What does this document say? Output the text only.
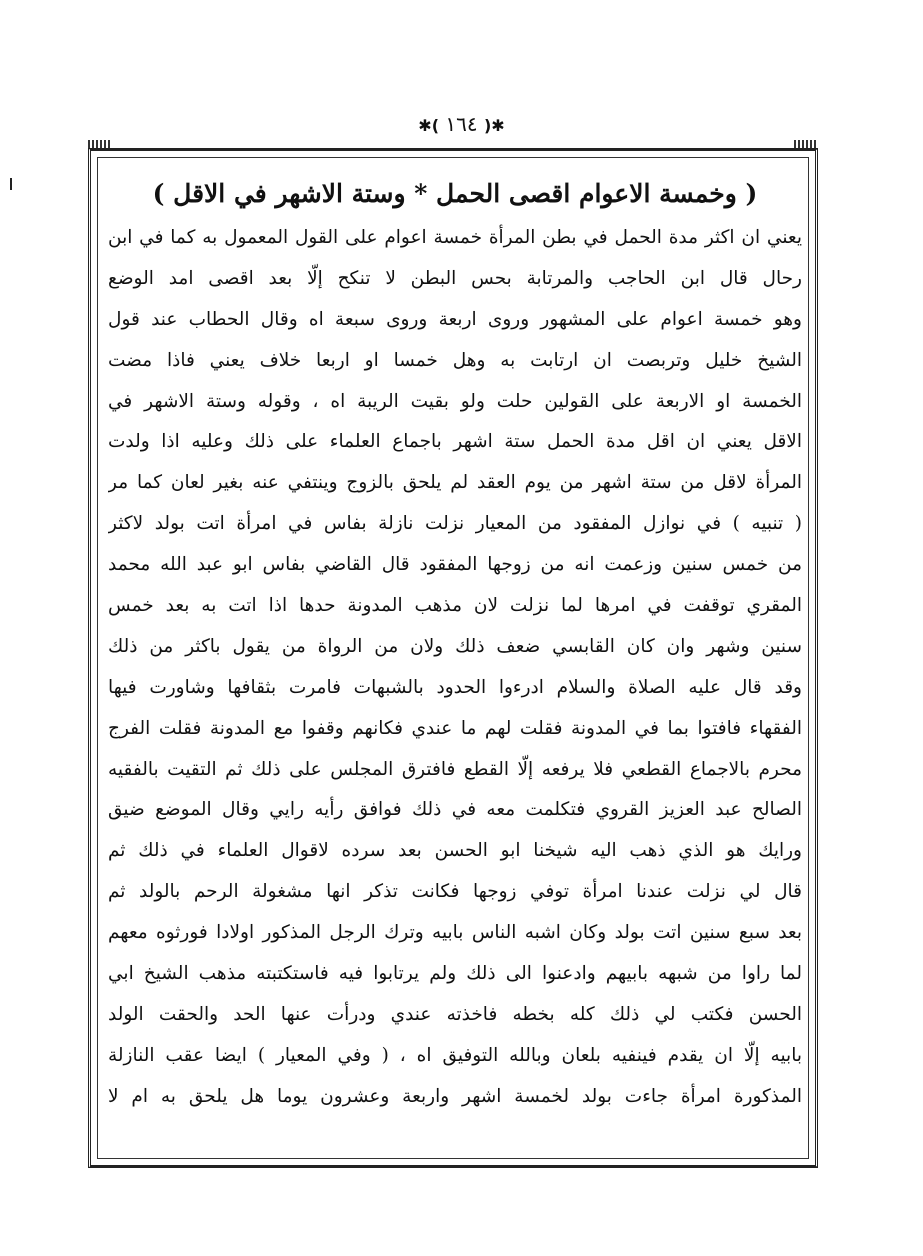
✱( ١٦٤ )✱
( وخمسة الاعوام اقصى الحمل * وستة الاشهر في الاقل )
يعني ان اكثر مدة الحمل في بطن المرأة خمسة اعوام على القول المعمول به كما في ابن
رحال قال ابن الحاجب والمرتابة بحس البطن لا تنكح إلّا بعد اقصى امد الوضع
وهو خمسة اعوام على المشهور وروى اربعة وروى سبعة اه وقال الحطاب عند قول
الشيخ خليل وتربصت ان ارتابت به وهل خمسا او اربعا خلاف يعني فاذا مضت
الخمسة او الاربعة على القولين حلت ولو بقيت الريبة اه ، وقوله وستة الاشهر في
الاقل يعني ان اقل مدة الحمل ستة اشهر باجماع العلماء على ذلك وعليه اذا ولدت
المرأة لاقل من ستة اشهر من يوم العقد لم يلحق بالزوج وينتفي عنه بغير لعان كما مر
( تنبيه ) في نوازل المفقود من المعيار نزلت نازلة بفاس في امرأة اتت بولد لاكثر
من خمس سنين وزعمت انه من زوجها المفقود قال القاضي بفاس ابو عبد الله محمد
المقري توقفت في امرها لما نزلت لان مذهب المدونة حدها اذا اتت به بعد خمس
سنين وشهر وان كان القابسي ضعف ذلك ولان من الرواة من يقول باكثر من ذلك
وقد قال عليه الصلاة والسلام ادرءوا الحدود بالشبهات فامرت بثقافها وشاورت فيها
الفقهاء فافتوا بما في المدونة فقلت لهم ما عندي فكانهم وقفوا مع المدونة فقلت الفرج
محرم بالاجماع القطعي فلا يرفعه إلّا القطع فافترق المجلس على ذلك ثم التقيت بالفقيه
الصالح عبد العزيز القروي فتكلمت معه في ذلك فوافق رأيه رايي وقال الموضع ضيق
ورايك هو الذي ذهب اليه شيخنا ابو الحسن بعد سرده لاقوال العلماء في ذلك ثم
قال لي نزلت عندنا امرأة توفي زوجها فكانت تذكر انها مشغولة الرحم بالولد ثم
بعد سبع سنين اتت بولد وكان اشبه الناس بابيه وترك الرجل المذكور اولادا فورثوه معهم
لما راوا من شبهه بابيهم وادعنوا الى ذلك ولم يرتابوا فيه فاستكتبته مذهب الشيخ ابي
الحسن فكتب لي ذلك كله بخطه فاخذته عندي ودرأت عنها الحد والحقت الولد
بابيه إلّا ان يقدم فينفيه بلعان وبالله التوفيق اه ، ( وفي المعيار ) ايضا عقب النازلة
المذكورة امرأة جاءت بولد لخمسة اشهر واربعة وعشرون يوما هل يلحق به ام لا
